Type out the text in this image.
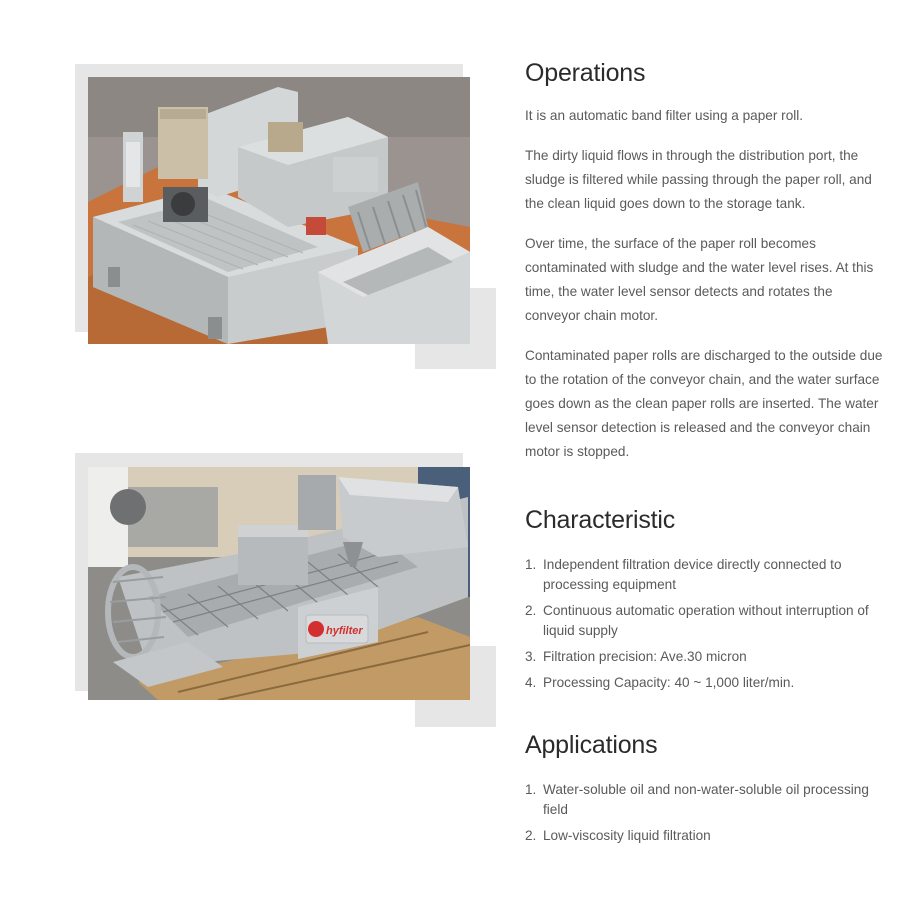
hyfilter
Operations

It is an automatic band filter using a paper roll.

The dirty liquid flows in through the distribution port, the sludge is filtered while passing through the paper roll, and the clean liquid goes down to the storage tank.

Over time, the surface of the paper roll becomes contaminated with sludge and the water level rises. At this time, the water level sensor detects and rotates the conveyor chain motor.

Contaminated paper rolls are discharged to the outside due to the rotation of the conveyor chain, and the water surface goes down as the clean paper rolls are inserted. The water level sensor detection is released and the conveyor chain motor is stopped.

Characteristic
1. Independent filtration device directly connected to processing equipment
2. Continuous automatic operation without interruption of liquid supply
3. Filtration precision: Ave.30 micron
4. Processing Capacity: 40 ~ 1,000 liter/min.
Applications
1. Water-soluble oil and non-water-soluble oil processing field
2. Low-viscosity liquid filtration
